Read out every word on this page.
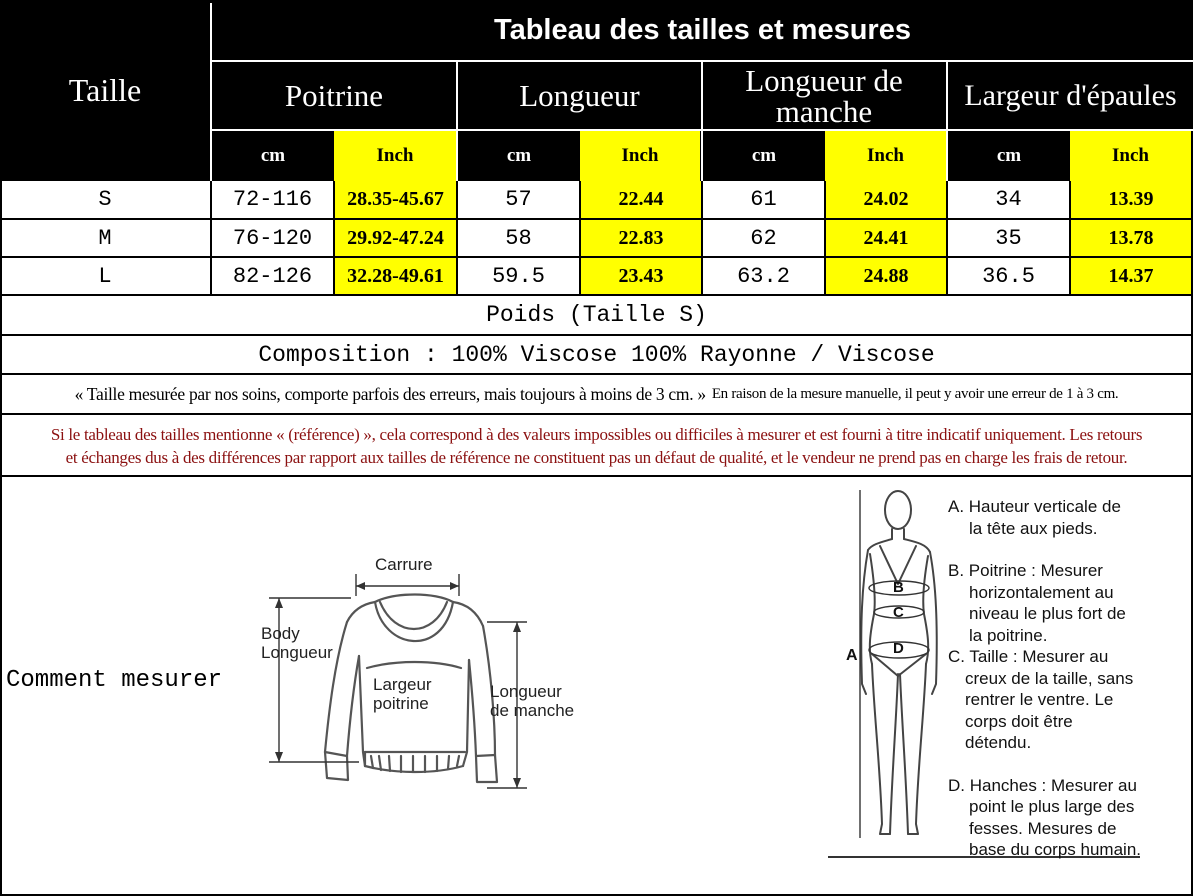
Tableau des tailles et mesures
Taille	Poitrine	Longueur	Longueur de manche	Largeur d'épaules
cm	Inch	cm	Inch	cm	Inch	cm	Inch
S	72-116	28.35-45.67	57	22.44	61	24.02	34	13.39
M	76-120	29.92-47.24	58	22.83	62	24.41	35	13.78
L	82-126	32.28-49.61	59.5	23.43	63.2	24.88	36.5	14.37
Poids (Taille S)
Composition : 100% Viscose 100% Rayonne / Viscose
« Taille mesurée par nos soins, comporte parfois des erreurs, mais toujours à moins de 3 cm. » En raison de la mesure manuelle, il peut y avoir une erreur de 1 à 3 cm.
Si le tableau des tailles mentionne « (référence) », cela correspond à des valeurs impossibles ou difficiles à mesurer et est fourni à titre indicatif uniquement. Les retours
et échanges dus à des différences par rapport aux tailles de référence ne constituent pas un défaut de qualité, et le vendeur ne prend pas en charge les frais de retour.
Comment mesurer
Carrure
Body
Longueur
Largeur
poitrine
Longueur
de manche
A
B
C
D
A. Hauteur verticale de
la tête aux pieds.
B. Poitrine : Mesurer
horizontalement au
niveau le plus fort de
la poitrine.
C. Taille : Mesurer au
creux de la taille, sans
rentrer le ventre. Le
corps doit être
détendu.
D. Hanches : Mesurer au
point le plus large des
fesses. Mesures de
base du corps humain.
